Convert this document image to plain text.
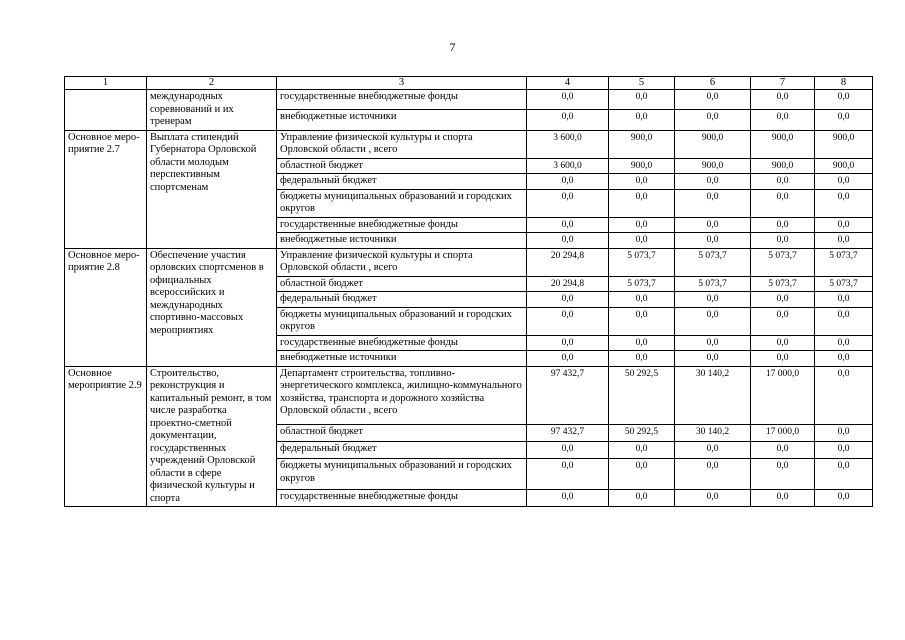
7
1	2	3	4	5	6	7	8
	международных соревнований и их тренерам	государственные внебюджетные фонды	0,0	0,0	0,0	0,0	0,0
		внебюджетные источники	0,0	0,0	0,0	0,0	0,0
Основное меро-приятие 2.7	Выплата стипендий Губернатора Орловской области молодым перспективным спортсменам	Управление физической культуры и спорта Орловской области , всего	3 600,0	900,0	900,0	900,0	900,0
		областной бюджет	3 600,0	900,0	900,0	900,0	900,0
		федеральный бюджет	0,0	0,0	0,0	0,0	0,0
		бюджеты муниципальных образований и городских округов	0,0	0,0	0,0	0,0	0,0
		государственные внебюджетные фонды	0,0	0,0	0,0	0,0	0,0
		внебюджетные источники	0,0	0,0	0,0	0,0	0,0
Основное меро-приятие 2.8	Обеспечение участия орловских спортсменов в официальных всероссийских и международных спортивно-массовых мероприятиях	Управление физической культуры и спорта Орловской области , всего	20 294,8	5 073,7	5 073,7	5 073,7	5 073,7
		областной бюджет	20 294,8	5 073,7	5 073,7	5 073,7	5 073,7
		федеральный бюджет	0,0	0,0	0,0	0,0	0,0
		бюджеты муниципальных образований и городских округов	0,0	0,0	0,0	0,0	0,0
		государственные внебюджетные фонды	0,0	0,0	0,0	0,0	0,0
		внебюджетные источники	0,0	0,0	0,0	0,0	0,0
Основное мероприятие 2.9	Строительство, реконструкция и капитальный ремонт, в том числе разработка проектно-сметной документации, государственных учреждений Орловской области в сфере физической культуры и спорта	Департамент строительства, топливно-энергетического комплекса, жилищно-коммунального хозяйства, транспорта и дорожного хозяйства Орловской области , всего	97 432,7	50 292,5	30 140,2	17 000,0	0,0
		областной бюджет	97 432,7	50 292,5	30 140,2	17 000,0	0,0
		федеральный бюджет	0,0	0,0	0,0	0,0	0,0
		бюджеты муниципальных образований и городских округов	0,0	0,0	0,0	0,0	0,0
		государственные внебюджетные фонды	0,0	0,0	0,0	0,0	0,0
